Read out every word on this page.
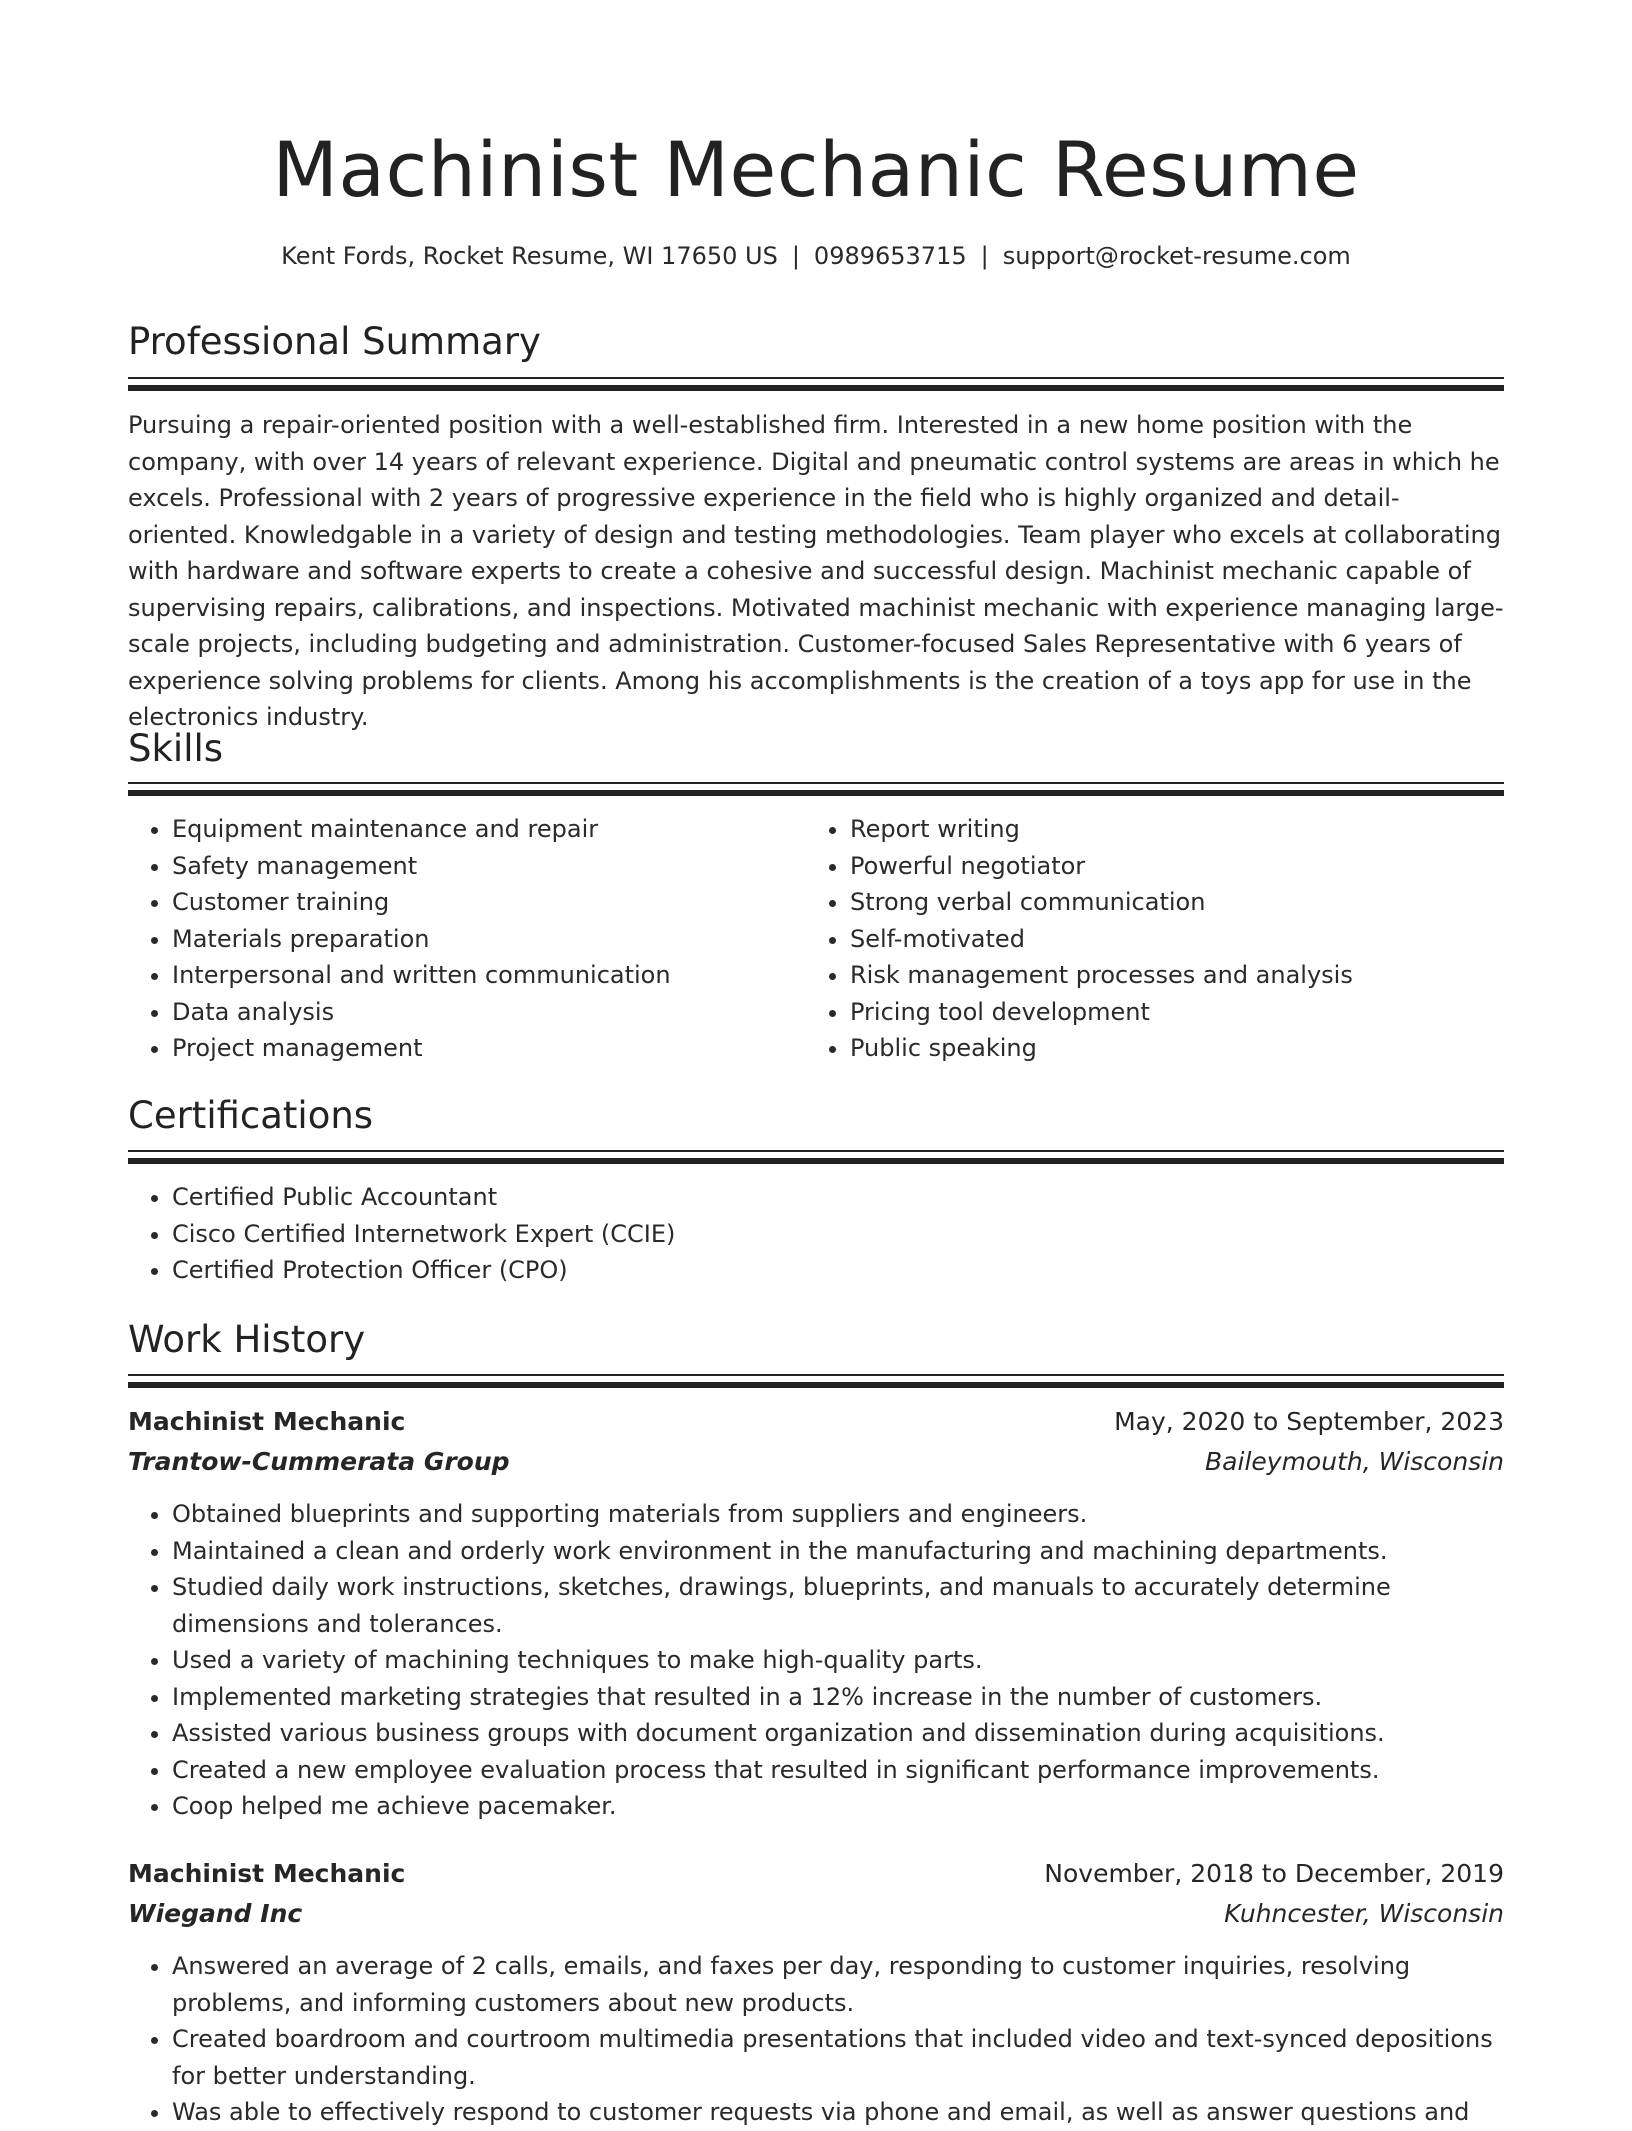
Machinist Mechanic Resume
Kent Fords, Rocket Resume, WI 17650 US | 0989653715 | support@rocket-resume.com
Professional Summary

Pursuing a repair-oriented position with a well-established firm. Interested in a new home position with the company, with over 14 years of relevant experience. Digital and pneumatic control systems are areas in which he excels. Professional with 2 years of progressive experience in the field who is highly organized and detail-oriented. Knowledgable in a variety of design and testing methodologies. Team player who excels at collaborating with hardware and software experts to create a cohesive and successful design. Machinist mechanic capable of supervising repairs, calibrations, and inspections. Motivated machinist mechanic with experience managing large-scale projects, including budgeting and administration. Customer-focused Sales Representative with 6 years of experience solving problems for clients. Among his accomplishments is the creation of a toys app for use in the electronics industry.

Skills
• Equipment maintenance and repair
• Safety management
• Customer training
• Materials preparation
• Interpersonal and written communication
• Data analysis
• Project management
• Report writing
• Powerful negotiator
• Strong verbal communication
• Self-motivated
• Risk management processes and analysis
• Pricing tool development
• Public speaking
Certifications
• Certified Public Accountant
• Cisco Certified Internetwork Expert (CCIE)
• Certified Protection Officer (CPO)
Work History
Machinist Mechanic	May, 2020 to September, 2023
Trantow-Cummerata Group	Baileymouth, Wisconsin
• Obtained blueprints and supporting materials from suppliers and engineers.
• Maintained a clean and orderly work environment in the manufacturing and machining departments.
• Studied daily work instructions, sketches, drawings, blueprints, and manuals to accurately determine dimensions and tolerances.
• Used a variety of machining techniques to make high-quality parts.
• Implemented marketing strategies that resulted in a 12% increase in the number of customers.
• Assisted various business groups with document organization and dissemination during acquisitions.
• Created a new employee evaluation process that resulted in significant performance improvements.
• Coop helped me achieve pacemaker.
Machinist Mechanic	November, 2018 to December, 2019
Wiegand Inc	Kuhncester, Wisconsin
• Answered an average of 2 calls, emails, and faxes per day, responding to customer inquiries, resolving problems, and informing customers about new products.
• Created boardroom and courtroom multimedia presentations that included video and text-synced depositions for better understanding.
• Was able to effectively respond to customer requests via phone and email, as well as answer questions and
